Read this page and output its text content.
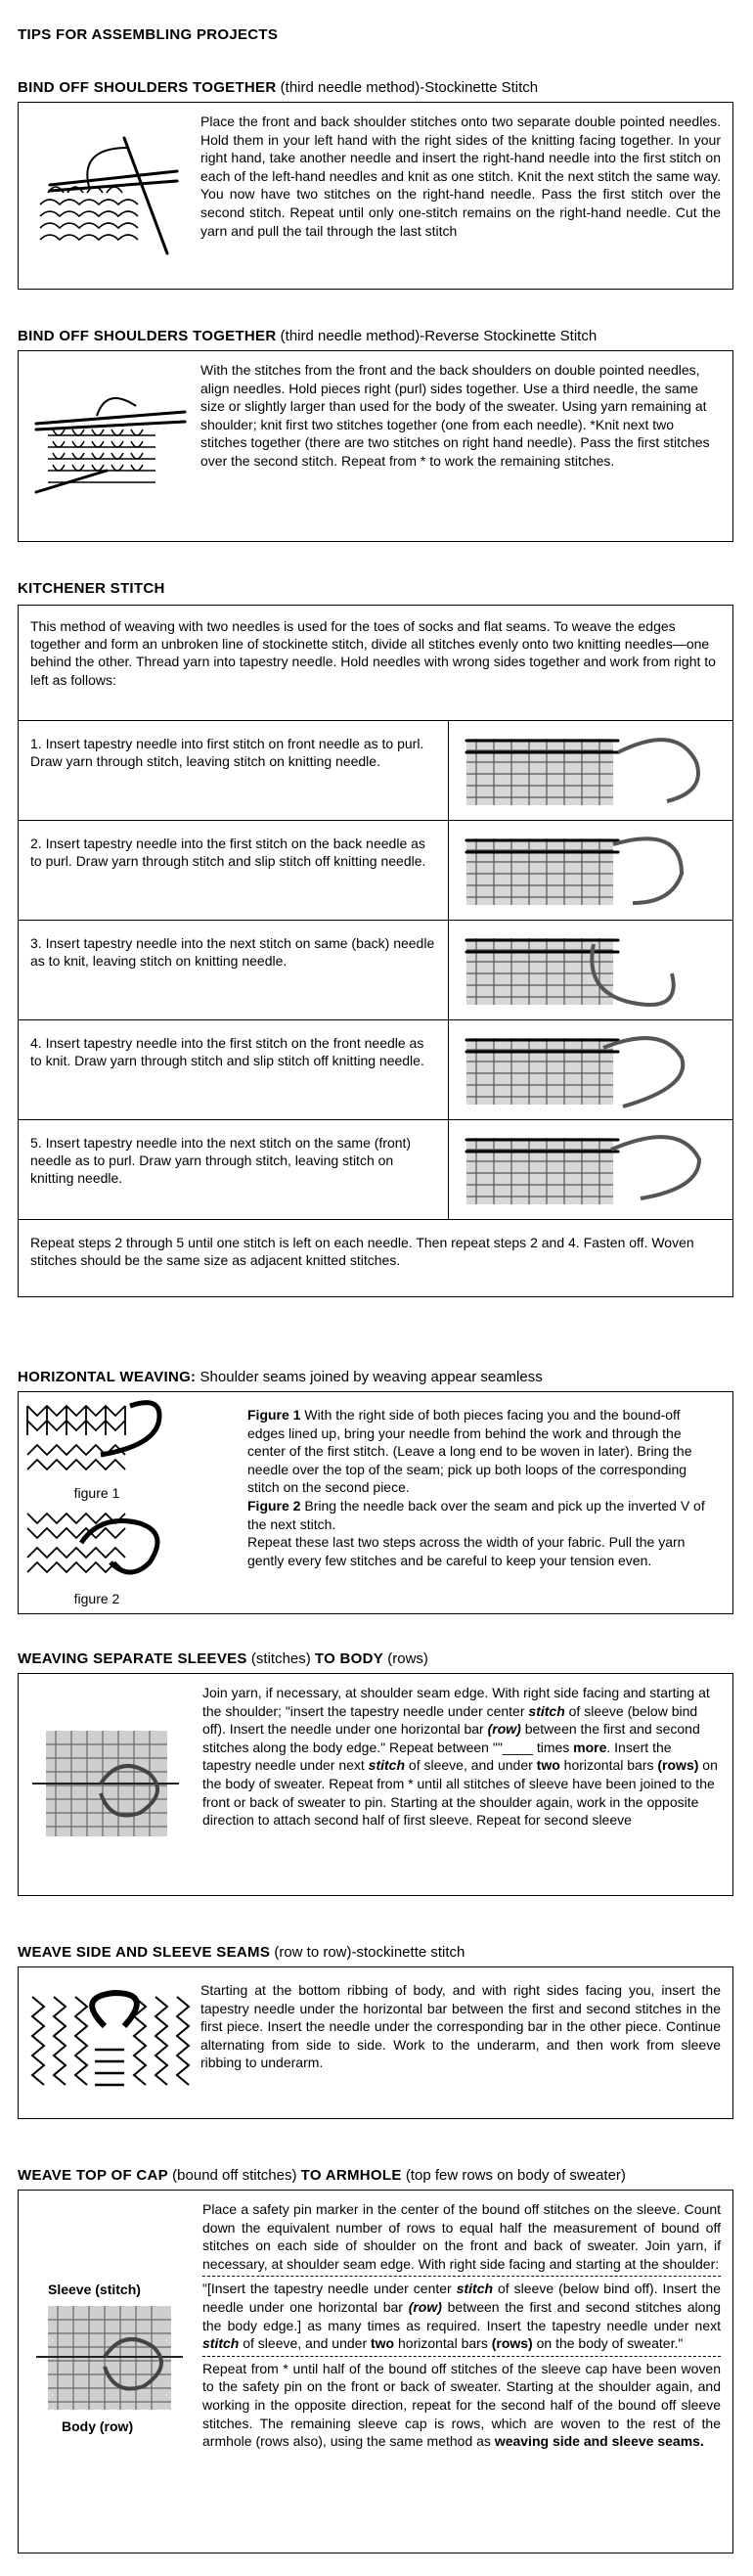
TIPS FOR ASSEMBLING PROJECTS
BIND OFF SHOULDERS TOGETHER (third needle method)-Stockinette Stitch

Place the front and back shoulder stitches onto two separate double pointed needles. Hold them in your left hand with the right sides of the knitting facing together. In your right hand, take another needle and insert the right-hand needle into the first stitch on each of the left-hand needles and knit as one stitch. Knit the next stitch the same way. You now have two stitches on the right-hand needle. Pass the first stitch over the second stitch. Repeat until only one-stitch remains on the right-hand needle. Cut the yarn and pull the tail through the last stitch

BIND OFF SHOULDERS TOGETHER (third needle method)-Reverse Stockinette Stitch

With the stitches from the front and the back shoulders on double pointed needles, align needles. Hold pieces right (purl) sides together. Use a third needle, the same size or slightly larger than used for the body of the sweater. Using yarn remaining at shoulder; knit first two stitches together (one from each needle). *Knit next two stitches together (there are two stitches on right hand needle). Pass the first stitches over the second stitch. Repeat from * to work the remaining stitches.

KITCHENER STITCH

This method of weaving with two needles is used for the toes of socks and flat seams. To weave the edges together and form an unbroken line of stockinette stitch, divide all stitches evenly onto two knitting needles—one behind the other. Thread yarn into tapestry needle. Hold needles with wrong sides together and work from right to left as follows:

1. Insert tapestry needle into first stitch on front needle as to purl. Draw yarn through stitch, leaving stitch on knitting needle.

2. Insert tapestry needle into the first stitch on the back needle as to purl. Draw yarn through stitch and slip stitch off knitting needle.

3. Insert tapestry needle into the next stitch on same (back) needle as to knit, leaving stitch on knitting needle.

4. Insert tapestry needle into the first stitch on the front needle as to knit. Draw yarn through stitch and slip stitch off knitting needle.

5. Insert tapestry needle into the next stitch on the same (front) needle as to purl. Draw yarn through stitch, leaving stitch on knitting needle.

Repeat steps 2 through 5 until one stitch is left on each needle. Then repeat steps 2 and 4. Fasten off. Woven stitches should be the same size as adjacent knitted stitches.

HORIZONTAL WEAVING: Shoulder seams joined by weaving appear seamless
figure 1
figure 2
Figure 1 With the right side of both pieces facing you and the bound-off edges lined up, bring your needle from behind the work and through the center of the first stitch. (Leave a long end to be woven in later). Bring the needle over the top of the seam; pick up both loops of the corresponding stitch on the second piece.
Figure 2 Bring the needle back over the seam and pick up the inverted V of the next stitch.
Repeat these last two steps across the width of your fabric. Pull the yarn gently every few stitches and be careful to keep your tension even.
WEAVING SEPARATE SLEEVES (stitches) TO BODY (rows)
Join yarn, if necessary, at shoulder seam edge. With right side facing and starting at the shoulder; "insert the tapestry needle under center stitch of sleeve (below bind off). Insert the needle under one horizontal bar (row) between the first and second stitches along the body edge." Repeat between ""____ times more. Insert the tapestry needle under next stitch of sleeve, and under two horizontal bars (rows) on the body of sweater. Repeat from * until all stitches of sleeve have been joined to the front or back of sweater to pin. Starting at the shoulder again, work in the opposite direction to attach second half of first sleeve. Repeat for second sleeve
WEAVE SIDE AND SLEEVE SEAMS (row to row)-stockinette stitch

Starting at the bottom ribbing of body, and with right sides facing you, insert the tapestry needle under the horizontal bar between the first and second stitches in the first piece. Insert the needle under the corresponding bar in the other piece. Continue alternating from side to side. Work to the underarm, and then work from sleeve ribbing to underarm.

WEAVE TOP OF CAP (bound off stitches) TO ARMHOLE (top few rows on body of sweater)
Sleeve (stitch)
Body (row)
Place a safety pin marker in the center of the bound off stitches on the sleeve. Count down the equivalent number of rows to equal half the measurement of bound off stitches on each side of shoulder on the front and back of sweater. Join yarn, if necessary, at shoulder seam edge. With right side facing and starting at the shoulder:
"[Insert the tapestry needle under center stitch of sleeve (below bind off). Insert the needle under one horizontal bar (row) between the first and second stitches along the body edge.] as many times as required. Insert the tapestry needle under next stitch of sleeve, and under two horizontal bars (rows) on the body of sweater."
Repeat from * until half of the bound off stitches of the sleeve cap have been woven to the safety pin on the front or back of sweater. Starting at the shoulder again, and working in the opposite direction, repeat for the second half of the bound off sleeve stitches. The remaining sleeve cap is rows, which are woven to the rest of the armhole (rows also), using the same method as weaving side and sleeve seams.
